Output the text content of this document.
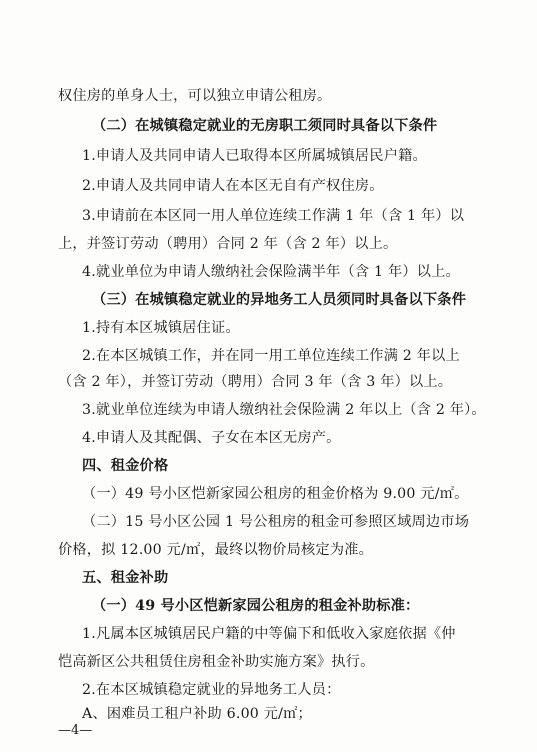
权住房的单身人士，可以独立申请公租房。
（二）在城镇稳定就业的无房职工须同时具备以下条件
1.申请人及共同申请人已取得本区所属城镇居民户籍。
2.申请人及共同申请人在本区无自有产权住房。
3.申请前在本区同一用人单位连续工作满 1 年（含 1 年）以
上，并签订劳动（聘用）合同 2 年（含 2 年）以上。
4.就业单位为申请人缴纳社会保险满半年（含 1 年）以上。
（三）在城镇稳定就业的异地务工人员须同时具备以下条件
1.持有本区城镇居住证。
2.在本区城镇工作，并在同一用工单位连续工作满 2 年以上
（含 2 年），并签订劳动（聘用）合同 3 年（含 3 年）以上。
3.就业单位连续为申请人缴纳社会保险满 2 年以上（含 2 年）。
4.申请人及其配偶、子女在本区无房产。
四、租金价格
（一）49 号小区恺新家园公租房的租金价格为 9.00 元/㎡。
（二）15 号小区公园 1 号公租房的租金可参照区域周边市场
价格，拟 12.00 元/㎡，最终以物价局核定为准。
五、租金补助
（一）49 号小区恺新家园公租房的租金补助标准：
1.凡属本区城镇居民户籍的中等偏下和低收入家庭依据《仲
恺高新区公共租赁住房租金补助实施方案》执行。
2.在本区城镇稳定就业的异地务工人员：
A、困难员工租户补助 6.00 元/㎡；
—4—
